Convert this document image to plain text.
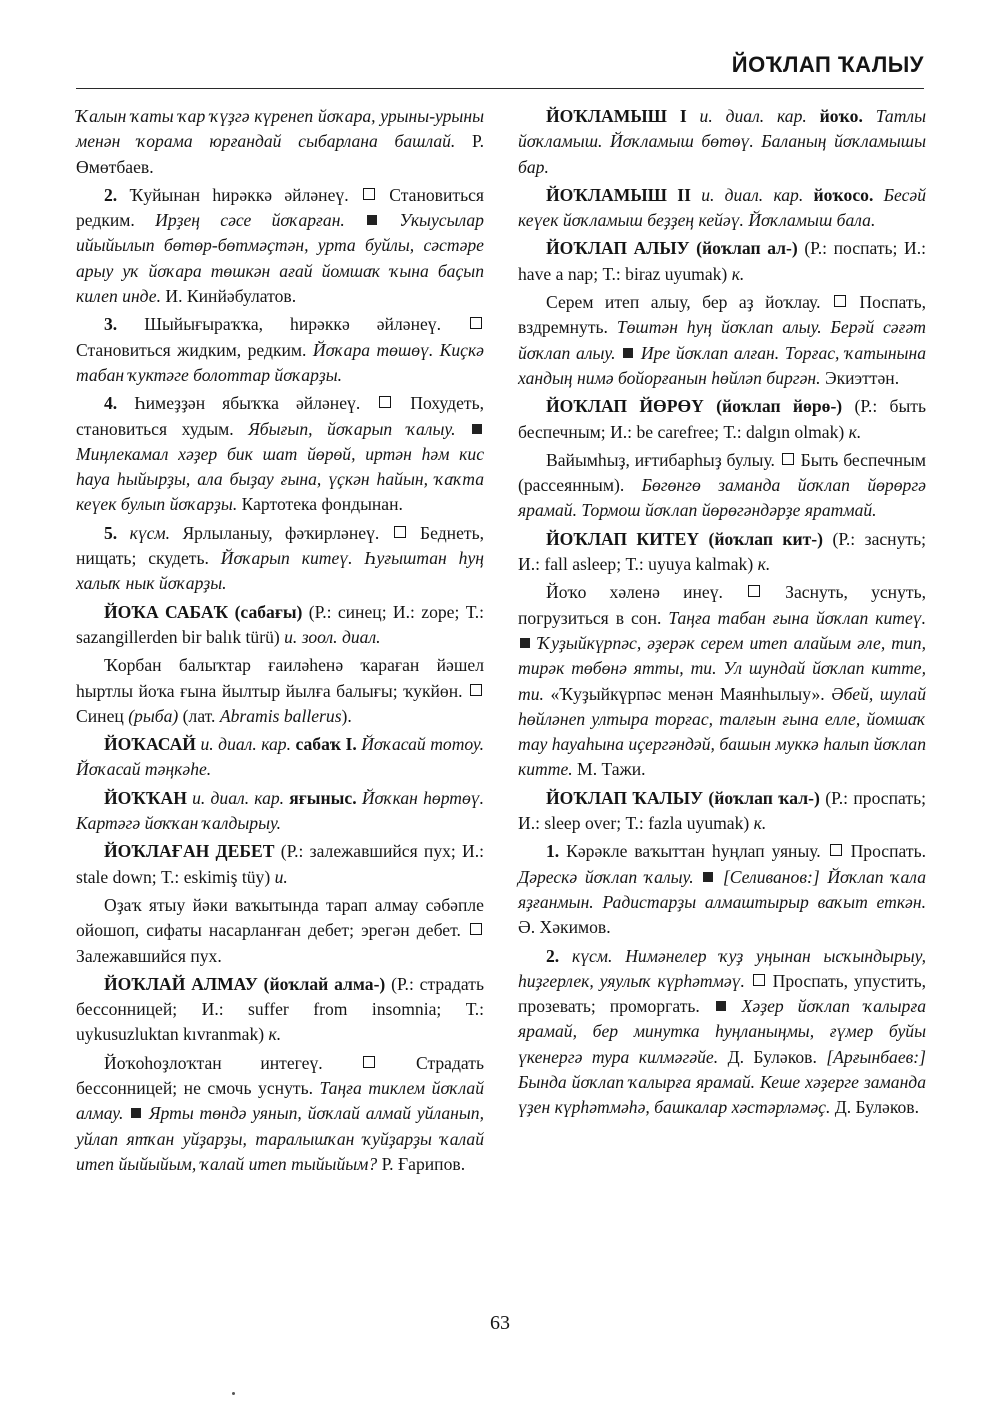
ЙОҠЛАП ҠАЛЫУ

Ҡалын ҡаты ҡар ҡүҙгә күренеп йоҡара, урыны-урыны менән ҡорама юрғандай сыбарлана башлай. Р. Өмөтбаев.

2. Ҡуйынан һирәккә әйләнеү.  Становиться редким. Ирҙең сәсе йоҡарған.  Укыусылар ийыйылып бөтөр-бөтмәҫтән, урта буйлы, сәстәре арыу уҡ йоҡара төшкән ағай йомшаҡ ҡына баҫып килеп инде. И. Кинйәбулатов.

3. Шыйығыраҡҡа, һирәккә әйләнеү.  Становиться жидким, редким. Йоҡара төшөү. Киҫкә табан ҡуктәге болоттар йоҡарҙы.

4. Һимеҙҙән ябыҡҡа әйләнеү.  Похудеть, становиться худым. Ябығып, йоҡарып ҡалыу.  Миңлекамал хәҙер бик шат йөрөй, иртән һәм кис һауа һыйырҙы, ала быҙау ғына, үҫкән һайын, ҡаҡта кеүек булып йоҡарҙы. Картотека фондынан.

5. күсм. Ярлыланыу, фәҡирләнеү.  Беднеть, нищать; скудеть. Йоҡарып китеү. Һуғыштан һуң халыҡ нык йоҡарҙы.

ЙОҠА САБАҠ (сабағы) (Р.: синец; И.: zope; Т.: sazangillerden bir balık türü) и. зоол. диал.

Ҡорбан балыҡтар ғаиләһенә ҡараған йәшел һыртлы йоҡа ғына йылтыр йылға балығы; ҡукйөн.  Синец (рыба) (лат. Abramis ballerus).

ЙОҠАСАЙ и. диал. кар. сабаҡ I. Йоҡасай тотоу. Йоҡасай тәңкәһе.

ЙОҠҠАН и. диал. кар. яғыныс. Йоҡкан һөртөү. Картәгә йоҡҡан ҡалдырыу.

ЙОҠЛАҒАН ДЕБЕТ (Р.: залежавшийся пух; И.: stale down; Т.: eskimiş tüy) и.

Оҙаҡ ятыу йәки ваҡытында тарап алмау сәбәпле ойошоп, сифаты насарланған дебет; эрегән дебет.  Залежавшийся пух.

ЙОҠЛАЙ АЛМАУ (йоҡлай алма-) (Р.: страдать бессонницей; И.: suffer from insomnia; Т.: uykusuzluktan kıvranmak) к.

Йоҡоһоҙлоҡтан интегеү.  Страдать бессонницей; не смочь уснуть. Таңға тиклем йоҡлай алмау.  Ярты төндә уянып, йоҡлай алмай уйланып, уйлап ятҡан уйҙарҙы, таралышҡан ҡуйҙарҙы ҡалай итеп йыйыйым, ҡалай итеп тыйыйым? Р. Ғарипов.

ЙОҠЛАМЫШ I и. диал. кар. йоҡо. Татлы йоҡламыш. Йоҡламыш бөтөү. Баланың йоҡламышы бар.

ЙОҠЛАМЫШ II и. диал. кар. йоҡосо. Бесәй кеүек йоҡламыш беҙҙең кейәү. Йоҡламыш бала.

ЙОҠЛАП АЛЫУ (йоҡлап ал-) (Р.: поспать; И.: have a nap; Т.: biraz uyumak) к.

Серем итеп алыу, бер аҙ йоҡлау.  Поспать, вздремнуть. Төштән һуң йоҡлап алыу. Берәй сәғәт йоҡлап алыу.  Ире йоҡлап алған. Торғас, ҡатынына хандың нимә бойорғанын һөйләп биргән. Экиэттән.

ЙОҠЛАП ЙӨРӨҮ (йоҡлап йөрө-) (Р.: быть беспечным; И.: be carefree; Т.: dalgın olmak) к.

Вайымһыҙ, иғтибарһыҙ булыу.  Быть беспечным (рассеянным). Бөгөнгө заманда йоҡлап йөрөргә ярамай. Тормош йоҡлап йөрөгәндәрҙе яратмай.

ЙОҠЛАП КИТЕҮ (йоҡлап кит-) (Р.: заснуть; И.: fall asleep; Т.: uyuya kalmak) к.

Йоҡо хәленә инеү.  Заснуть, уснуть, погрузиться в сон. Таңға табан ғына йоҡлап китеү.  Ҡуҙыйкүрпәс, әҙерәк серем итеп алайым әле, тип, тирәк төбөнә ятты, ти. Ул шундай йоҡлап китте, ти. «Ҡуҙыйкүрпәс менән Маянһылыу». Әбей, шулай һөйләнеп ултыра торғас, талғын ғына елле, йомшаҡ тау һауаһына иҫергәндәй, башын муккә һалып йоҡлап китте. М. Тажи.

ЙОҠЛАП ҠАЛЫУ (йоҡлап ҡал-) (Р.: проспать; И.: sleep over; Т.: fazla uyumak) к.

1. Кәрәкле ваҡыттан һуңлап уяныу.  Проспать. Дәрескә йоҡлап ҡалыу.  [Селиванов:] Йоҡлап ҡала яҙғанмын. Радистарҙы алмаштырыр ваҡыт еткән. Ә. Хәкимов.

2. күсм. Нимәнелер ҡуҙ уңынан ысҡындырыу, һиҙгерлек, уяулыҡ күрһәтмәү.  Проспать, упустить, прозевать; проморгать.  Хәҙер йоҡлап ҡалырға ярамай, бер минутка һуңланыңмы, ғүмер буйы үкенергә тура килмәгәйе. Д. Буләков. [Арғынбаев:] Бында йоҡлап ҡалырға ярамай. Кеше хәҙерге заманда үҙен күрһәтмәһә, башкалар хәстәрләмәҫ. Д. Буләков.

63
